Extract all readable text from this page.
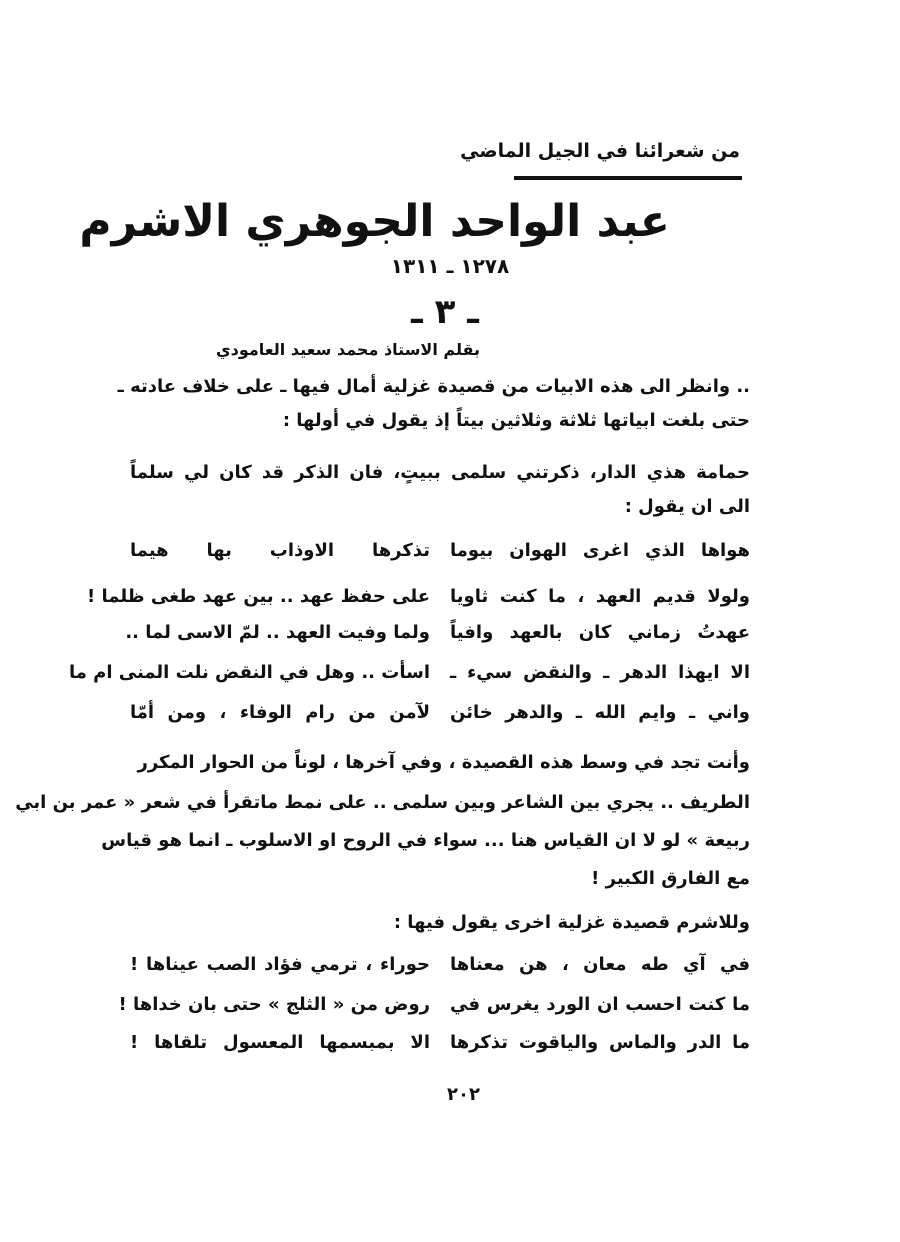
من شعرائنا في الجيل الماضي
عبد الواحد الجوهري الاشرم
١٢٧٨ ـ ١٣١١
ـ ٣ ـ
بقلم الاستاذ محمد سعيد العامودي
.. وانظر الى هذه الابيات من قصيدة غزلية أمال فيها ـ على خلاف عادته ـ
حتى بلغت ابياتها ثلاثة وثلاثين بيتاً إذ يقول في أولها :
حمامة هذي الدار، ذكرتني سلمى ببيتٍ، فان الذكر قد كان لي سلماً
الى ان يقول :
هواها الذي اغرى الهوان بيوما
تذكرها الاوذاب بها هيما
ولولا قديم العهد ، ما كنت ثاويا
على حفظ عهد .. بين عهد طغى ظلما !
عهدتُ زماني كان بالعهد وافياً
ولما وفيت العهد .. لمّ الاسى لما ..
الا ايهذا الدهر ـ والنقض سيء ـ
اسأت .. وهل في النقض نلت المنى ام ما
واني ـ وايم الله ـ والدهر خائن
لآمن من رام الوفاء ، ومن أمّا
وأنت تجد في وسط هذه القصيدة ، وفي آخرها ، لوناً من الحوار المكرر
الطريف .. يجري بين الشاعر وبين سلمى .. على نمط ماتقرأ في شعر « عمر بن ابي
ربيعة » لو لا ان القياس هنا ... سواء في الروح او الاسلوب ـ انما هو قياس
مع الفارق الكبير !
وللاشرم قصيدة غزلية اخرى يقول فيها :
في آي طه معان ، هن معناها
حوراء ، ترمي فؤاد الصب عيناها !
ما كنت احسب ان الورد يغرس في
روض من « الثلج » حتى بان خداها !
ما الدر والماس والياقوت تذكرها
الا بمبسمها المعسول تلقاها !
٢٠٢
